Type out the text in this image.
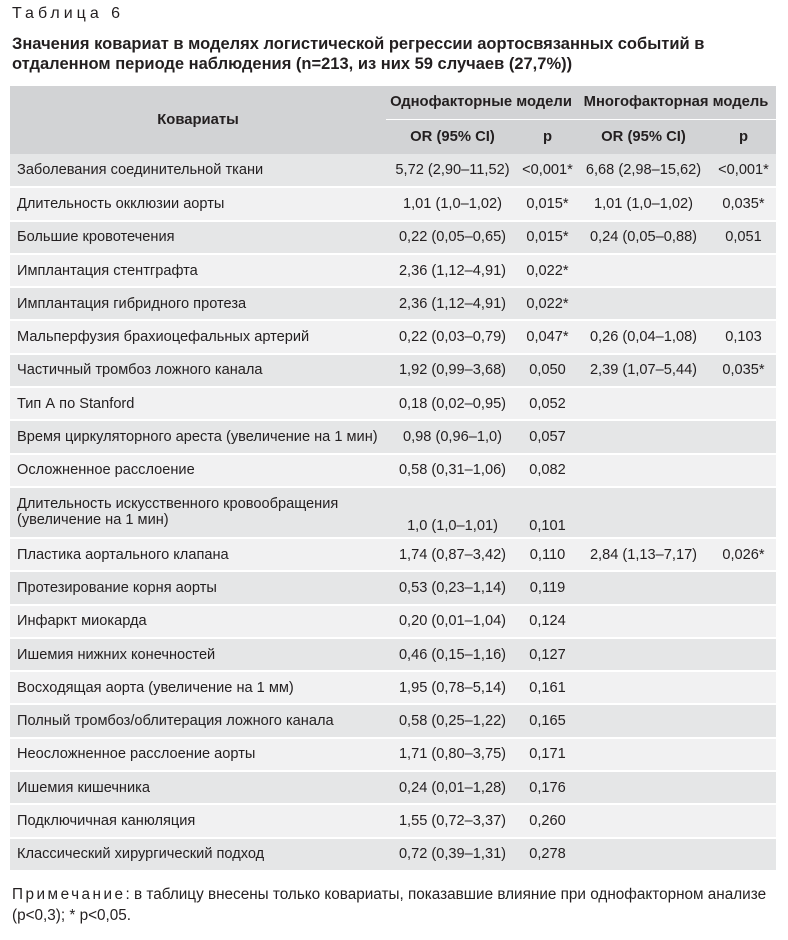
Таблица 6
Значения ковариат в моделях логистической регрессии аортосвязанных событий в отдаленном периоде наблюдения (n=213, из них 59 случаев (27,7%))
Ковариаты	Однофакторные модели		Многофакторная модель	
	OR (95% CI)	p	OR (95% CI)	p
Заболевания соединительной ткани	5,72 (2,90–11,52)	<0,001*	6,68 (2,98–15,62)	<0,001*
Длительность окклюзии аорты	1,01 (1,0–1,02)	0,015*	1,01 (1,0–1,02)	0,035*
Большие кровотечения	0,22 (0,05–0,65)	0,015*	0,24 (0,05–0,88)	0,051
Имплантация стентграфта	2,36 (1,12–4,91)	0,022*		
Имплантация гибридного протеза	2,36 (1,12–4,91)	0,022*		
Мальперфузия брахиоцефальных артерий	0,22 (0,03–0,79)	0,047*	0,26 (0,04–1,08)	0,103
Частичный тромбоз ложного канала	1,92 (0,99–3,68)	0,050	2,39 (1,07–5,44)	0,035*
Тип А по Stanford	0,18 (0,02–0,95)	0,052		
Время циркуляторного ареста (увеличение на 1 мин)	0,98 (0,96–1,0)	0,057		
Осложненное расслоение	0,58 (0,31–1,06)	0,082		
Длительность искусственного кровообращения
(увеличение на 1 мин)	1,0 (1,0–1,01)	0,101		
Пластика аортального клапана	1,74 (0,87–3,42)	0,110	2,84 (1,13–7,17)	0,026*
Протезирование корня аорты	0,53 (0,23–1,14)	0,119		
Инфаркт миокарда	0,20 (0,01–1,04)	0,124		
Ишемия нижних конечностей	0,46 (0,15–1,16)	0,127		
Восходящая аорта (увеличение на 1 мм)	1,95 (0,78–5,14)	0,161		
Полный тромбоз/облитерация ложного канала	0,58 (0,25–1,22)	0,165		
Неосложненное расслоение аорты	1,71 (0,80–3,75)	0,171		
Ишемия кишечника	0,24 (0,01–1,28)	0,176		
Подключичная канюляция	1,55 (0,72–3,37)	0,260		
Классический хирургический подход	0,72 (0,39–1,31)	0,278		
Примечание: в таблицу внесены только ковариаты, показавшие влияние при однофакторном анализе (p<0,3); * p<0,05.
